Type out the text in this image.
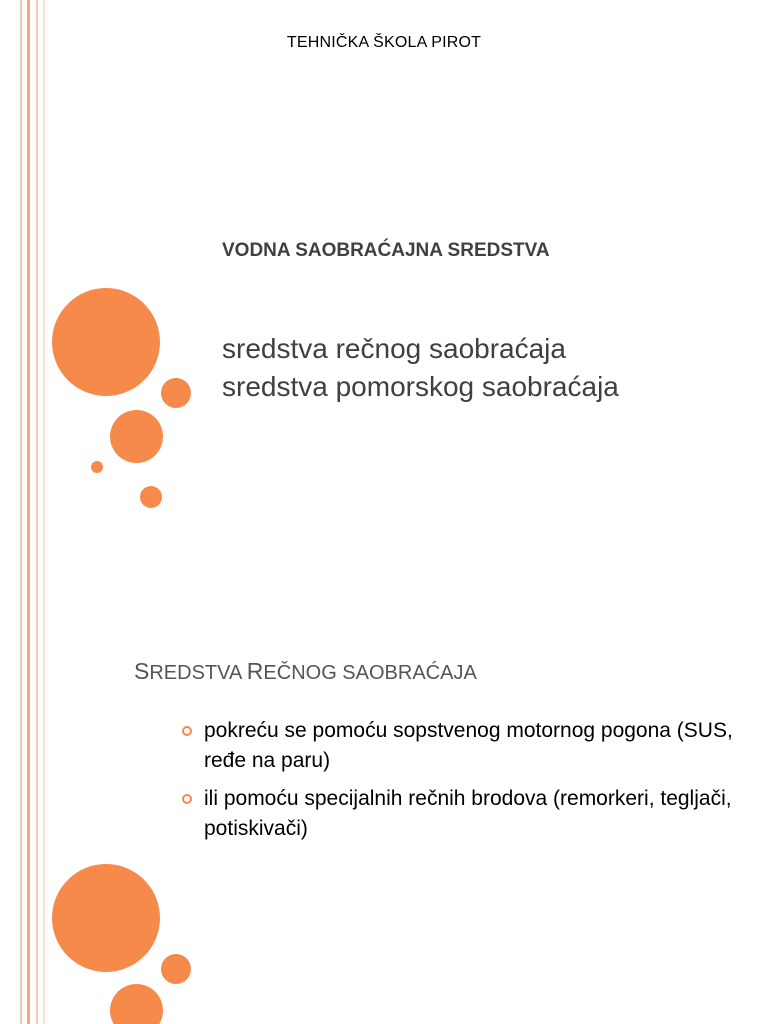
TEHNIČKA ŠKOLA PIROT
VODNA SAOBRAĆAJNA SREDSTVA
sredstva rečnog saobraćaja
sredstva pomorskog saobraćaja
SREDSTVA REČNOG SAOBRAĆAJA
pokreću se pomoću sopstvenog motornog pogona (SUS, ređe na paru)
ili pomoću specijalnih rečnih brodova (remorkeri, tegljači, potiskivači)
